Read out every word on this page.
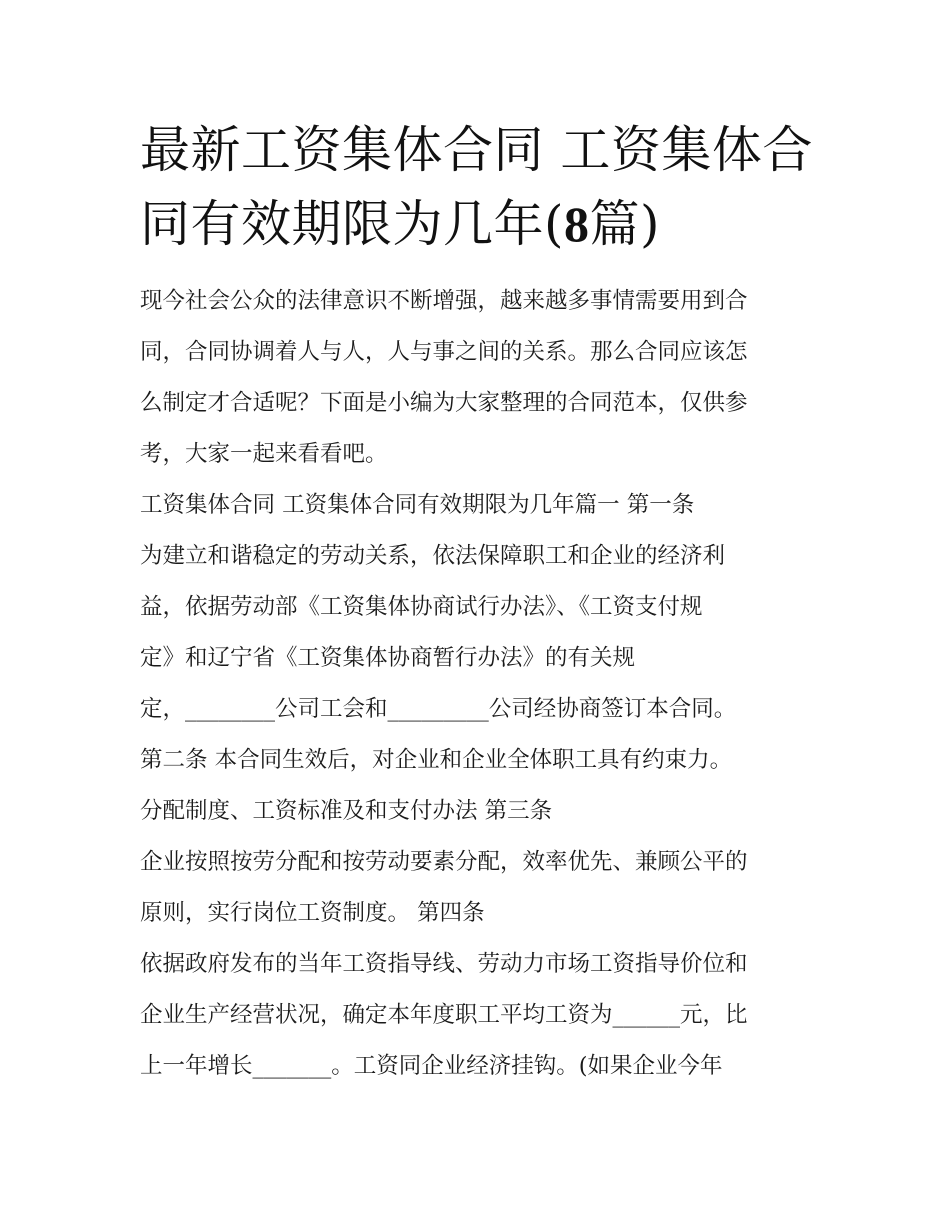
最新工资集体合同 工资集体合
同有效期限为几年(8篇)
现今社会公众的法律意识不断增强，越来越多事情需要用到合
同，合同协调着人与人，人与事之间的关系。那么合同应该怎
么制定才合适呢？下面是小编为大家整理的合同范本，仅供参
考，大家一起来看看吧。
工资集体合同 工资集体合同有效期限为几年篇一 第一条
为建立和谐稳定的劳动关系，依法保障职工和企业的经济利
益，依据劳动部《工资集体协商试行办法》、《工资支付规
定》和辽宁省《工资集体协商暂行办法》的有关规
定，________公司工会和_________公司经协商签订本合同。
第二条 本合同生效后，对企业和企业全体职工具有约束力。
分配制度、工资标准及和支付办法 第三条
企业按照按劳分配和按劳动要素分配，效率优先、兼顾公平的
原则，实行岗位工资制度。 第四条
依据政府发布的当年工资指导线、劳动力市场工资指导价位和
企业生产经营状况，确定本年度职工平均工资为______元，比
上一年增长_______。工资同企业经济挂钩。(如果企业今年
